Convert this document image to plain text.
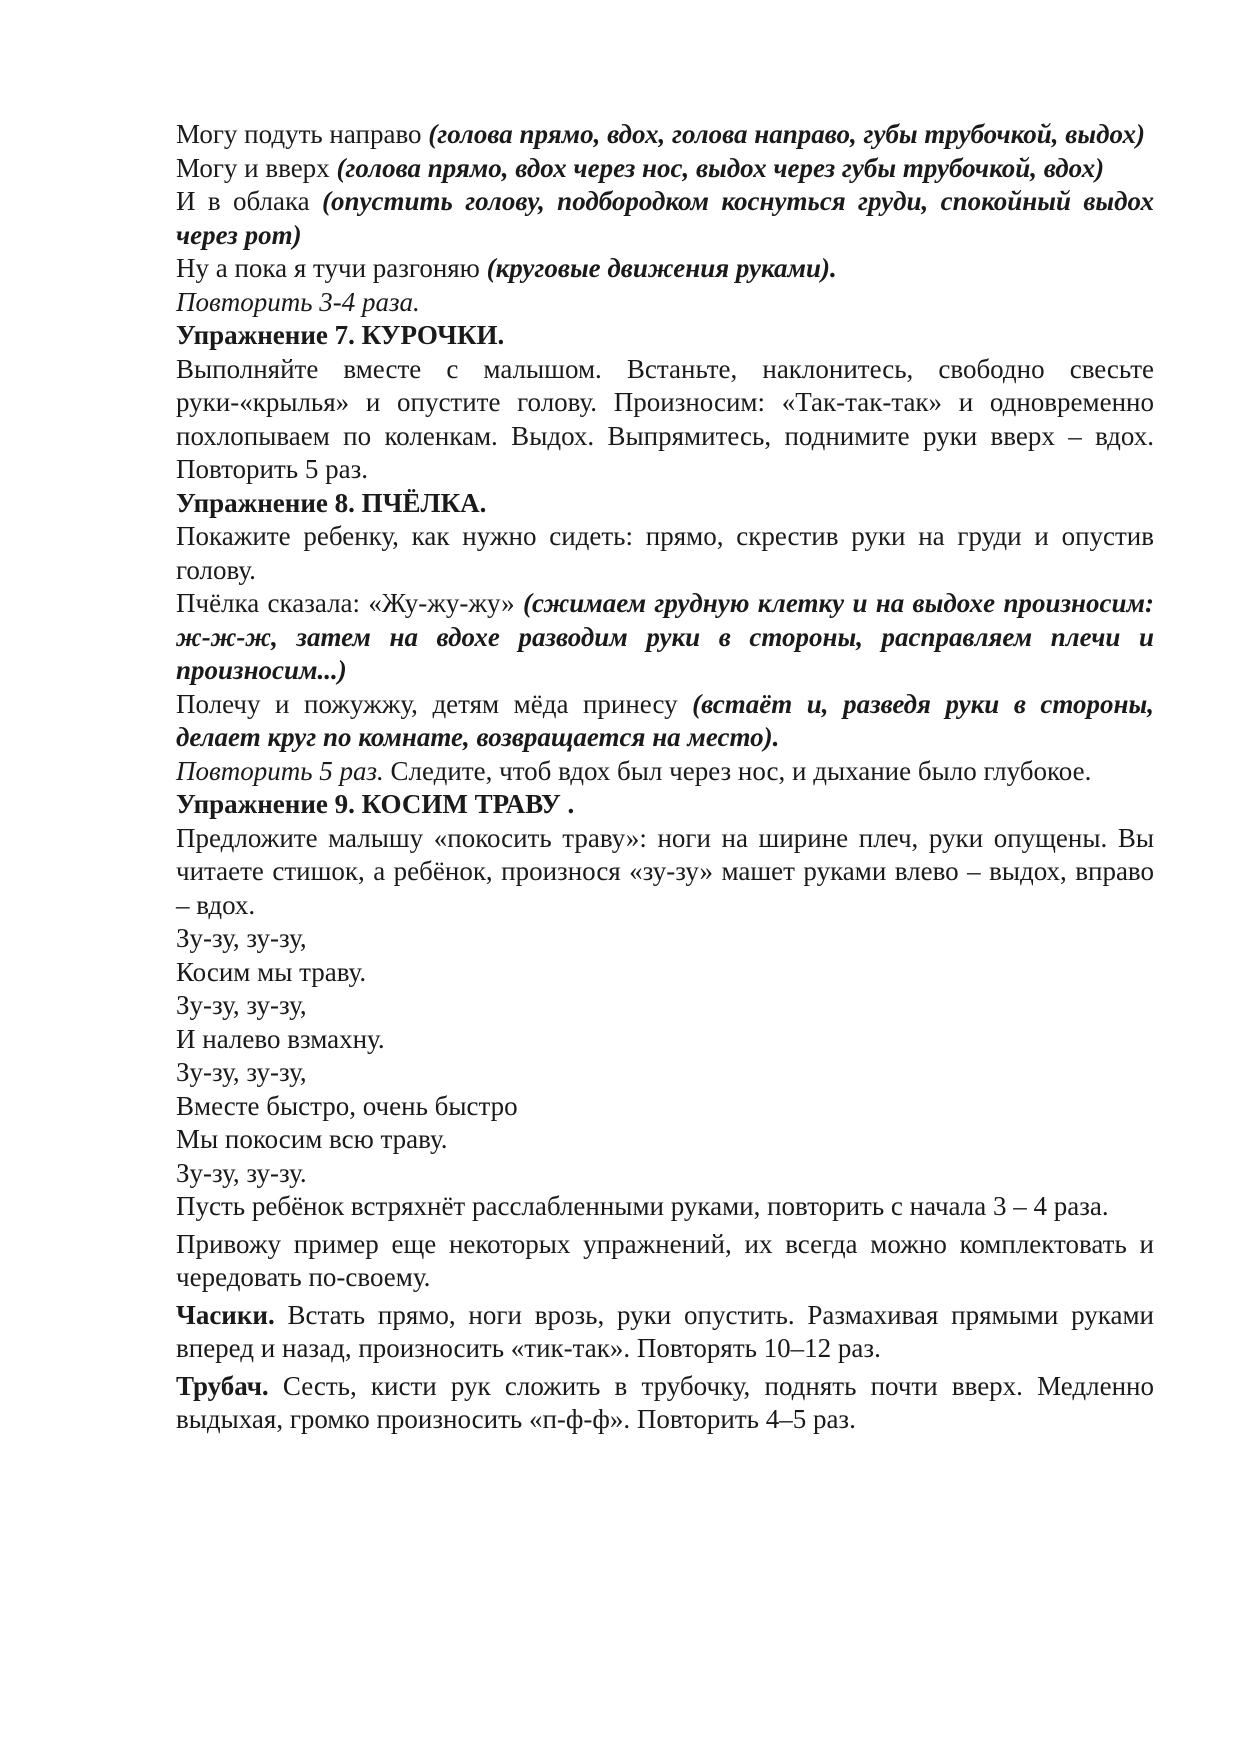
Могу подуть направо (голова прямо, вдох, голова направо, губы трубочкой, выдох)

Могу и вверх (голова прямо, вдох через нос, выдох через губы трубочкой, вдох)

И в облака (опустить голову, подбородком коснуться груди, спокойный выдох через рот)

Ну а пока я тучи разгоняю (круговые движения руками).

Повторить 3-4 раза.

Упражнение 7. КУРОЧКИ.

Выполняйте вместе с малышом. Встаньте, наклонитесь, свободно свесьте руки-«крылья» и опустите голову. Произносим: «Так-так-так» и одновременно похлопываем по коленкам. Выдох. Выпрямитесь, поднимите руки вверх – вдох. Повторить 5 раз.

Упражнение 8. ПЧЁЛКА.

Покажите ребенку, как нужно сидеть: прямо, скрестив руки на груди и опустив голову.

Пчёлка сказала: «Жу-жу-жу» (сжимаем грудную клетку и на выдохе произносим: ж-ж-ж, затем на вдохе разводим руки в стороны, расправляем плечи и произносим...)

Полечу и пожужжу, детям мёда принесу (встаёт и, разведя руки в стороны, делает круг по комнате, возвращается на место).

Повторить 5 раз. Следите, чтоб вдох был через нос, и дыхание было глубокое.

Упражнение 9. КОСИМ ТРАВУ .

Предложите малышу «покосить траву»: ноги на ширине плеч, руки опущены. Вы читаете стишок, а ребёнок, произнося «зу-зу» машет руками влево – выдох, вправо – вдох.

Зу-зу, зу-зу,

Косим мы траву.

Зу-зу, зу-зу,

И налево взмахну.

Зу-зу, зу-зу,

Вместе быстро, очень быстро

Мы покосим всю траву.

Зу-зу, зу-зу.

Пусть ребёнок встряхнёт расслабленными руками, повторить с начала 3 – 4 раза.

Привожу пример еще некоторых упражнений, их всегда можно комплектовать и чередовать по-своему.

Часики. Встать прямо, ноги врозь, руки опустить. Размахивая прямыми руками вперед и назад, произносить «тик-так». Повторять 10–12 раз.

Трубач. Сесть, кисти рук сложить в трубочку, поднять почти вверх. Медленно выдыхая, громко произносить «п-ф-ф». Повторить 4–5 раз.
